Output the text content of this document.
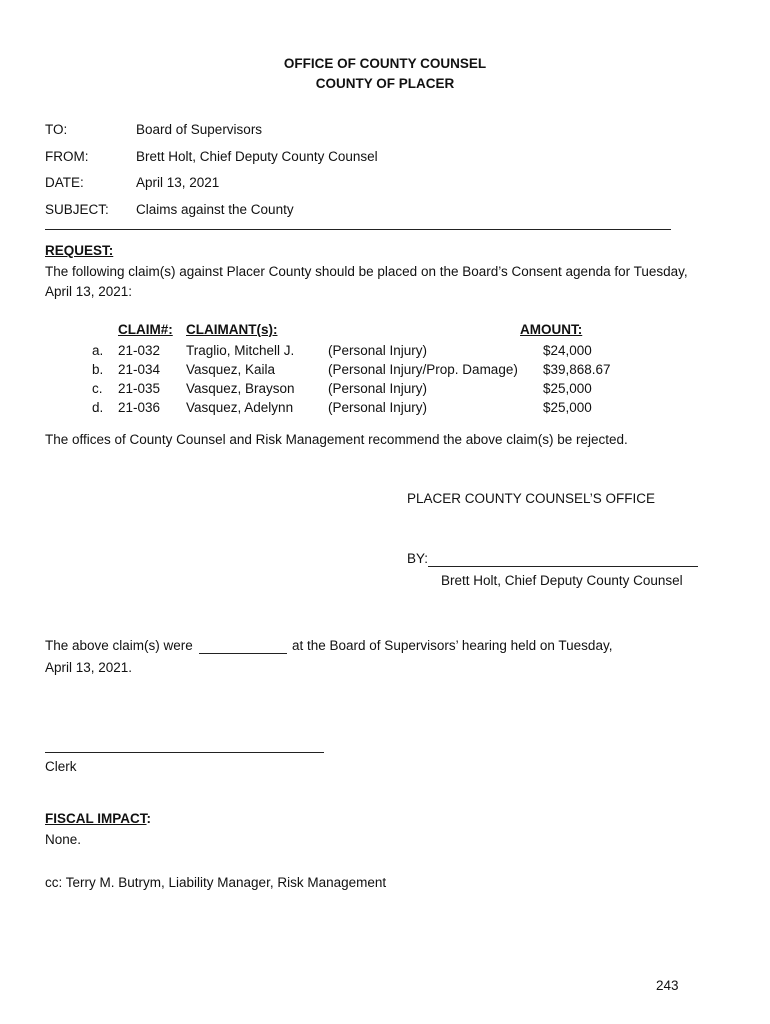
OFFICE OF COUNTY COUNSEL
COUNTY OF PLACER
TO:	Board of Supervisors
FROM:	Brett Holt, Chief Deputy County Counsel
DATE:	April 13, 2021
SUBJECT: Claims against the County
REQUEST:
The following claim(s) against Placer County should be placed on the Board’s Consent agenda for Tuesday,
April 13, 2021:
CLAIM#: CLAIMANT(s):	AMOUNT:
a. 21-032 Traglio, Mitchell J. (Personal Injury)	$24,000
b. 21-034 Vasquez, Kaila	(Personal Injury/Prop. Damage) $39,868.67
c. 21-035 Vasquez, Brayson (Personal Injury)	$25,000
d. 21-036 Vasquez, Adelynn	(Personal Injury)	$25,000
The offices of County Counsel and Risk Management recommend the above claim(s) be rejected.
PLACER COUNTY COUNSEL’S OFFICE
BY:
Brett Holt, Chief Deputy County Counsel
The above claim(s) were	at the Board of Supervisors’ hearing held on Tuesday,
April 13, 2021.
Clerk
FISCAL IMPACT:
None.
cc: Terry M. Butrym, Liability Manager, Risk Management
243
